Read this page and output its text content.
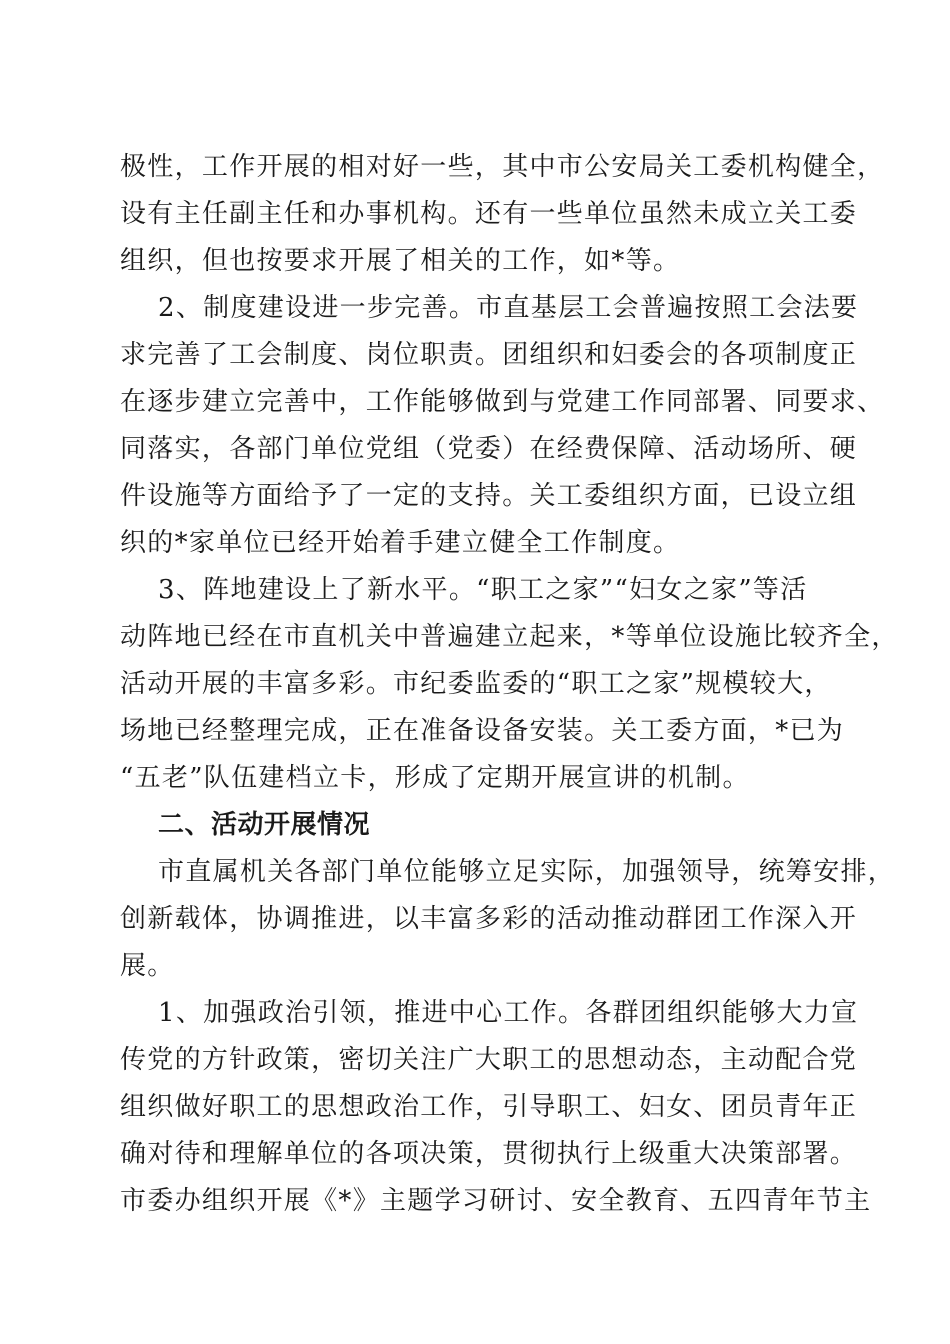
极性，工作开展的相对好一些，其中市公安局关工委机构健全，
设有主任副主任和办事机构。还有一些单位虽然未成立关工委
组织，但也按要求开展了相关的工作，如*等。
2、制度建设进一步完善。市直基层工会普遍按照工会法要
求完善了工会制度、岗位职责。团组织和妇委会的各项制度正
在逐步建立完善中，工作能够做到与党建工作同部署、同要求、
同落实，各部门单位党组（党委）在经费保障、活动场所、硬
件设施等方面给予了一定的支持。关工委组织方面，已设立组
织的*家单位已经开始着手建立健全工作制度。
3、阵地建设上了新水平。“职工之家”“妇女之家”等活
动阵地已经在市直机关中普遍建立起来，*等单位设施比较齐全，
活动开展的丰富多彩。市纪委监委的“职工之家”规模较大，
场地已经整理完成，正在准备设备安装。关工委方面，*已为
“五老”队伍建档立卡，形成了定期开展宣讲的机制。
二、活动开展情况
市直属机关各部门单位能够立足实际，加强领导，统筹安排，
创新载体，协调推进，以丰富多彩的活动推动群团工作深入开
展。
1、加强政治引领，推进中心工作。各群团组织能够大力宣
传党的方针政策，密切关注广大职工的思想动态，主动配合党
组织做好职工的思想政治工作，引导职工、妇女、团员青年正
确对待和理解单位的各项决策，贯彻执行上级重大决策部署。
市委办组织开展《*》主题学习研讨、安全教育、五四青年节主
